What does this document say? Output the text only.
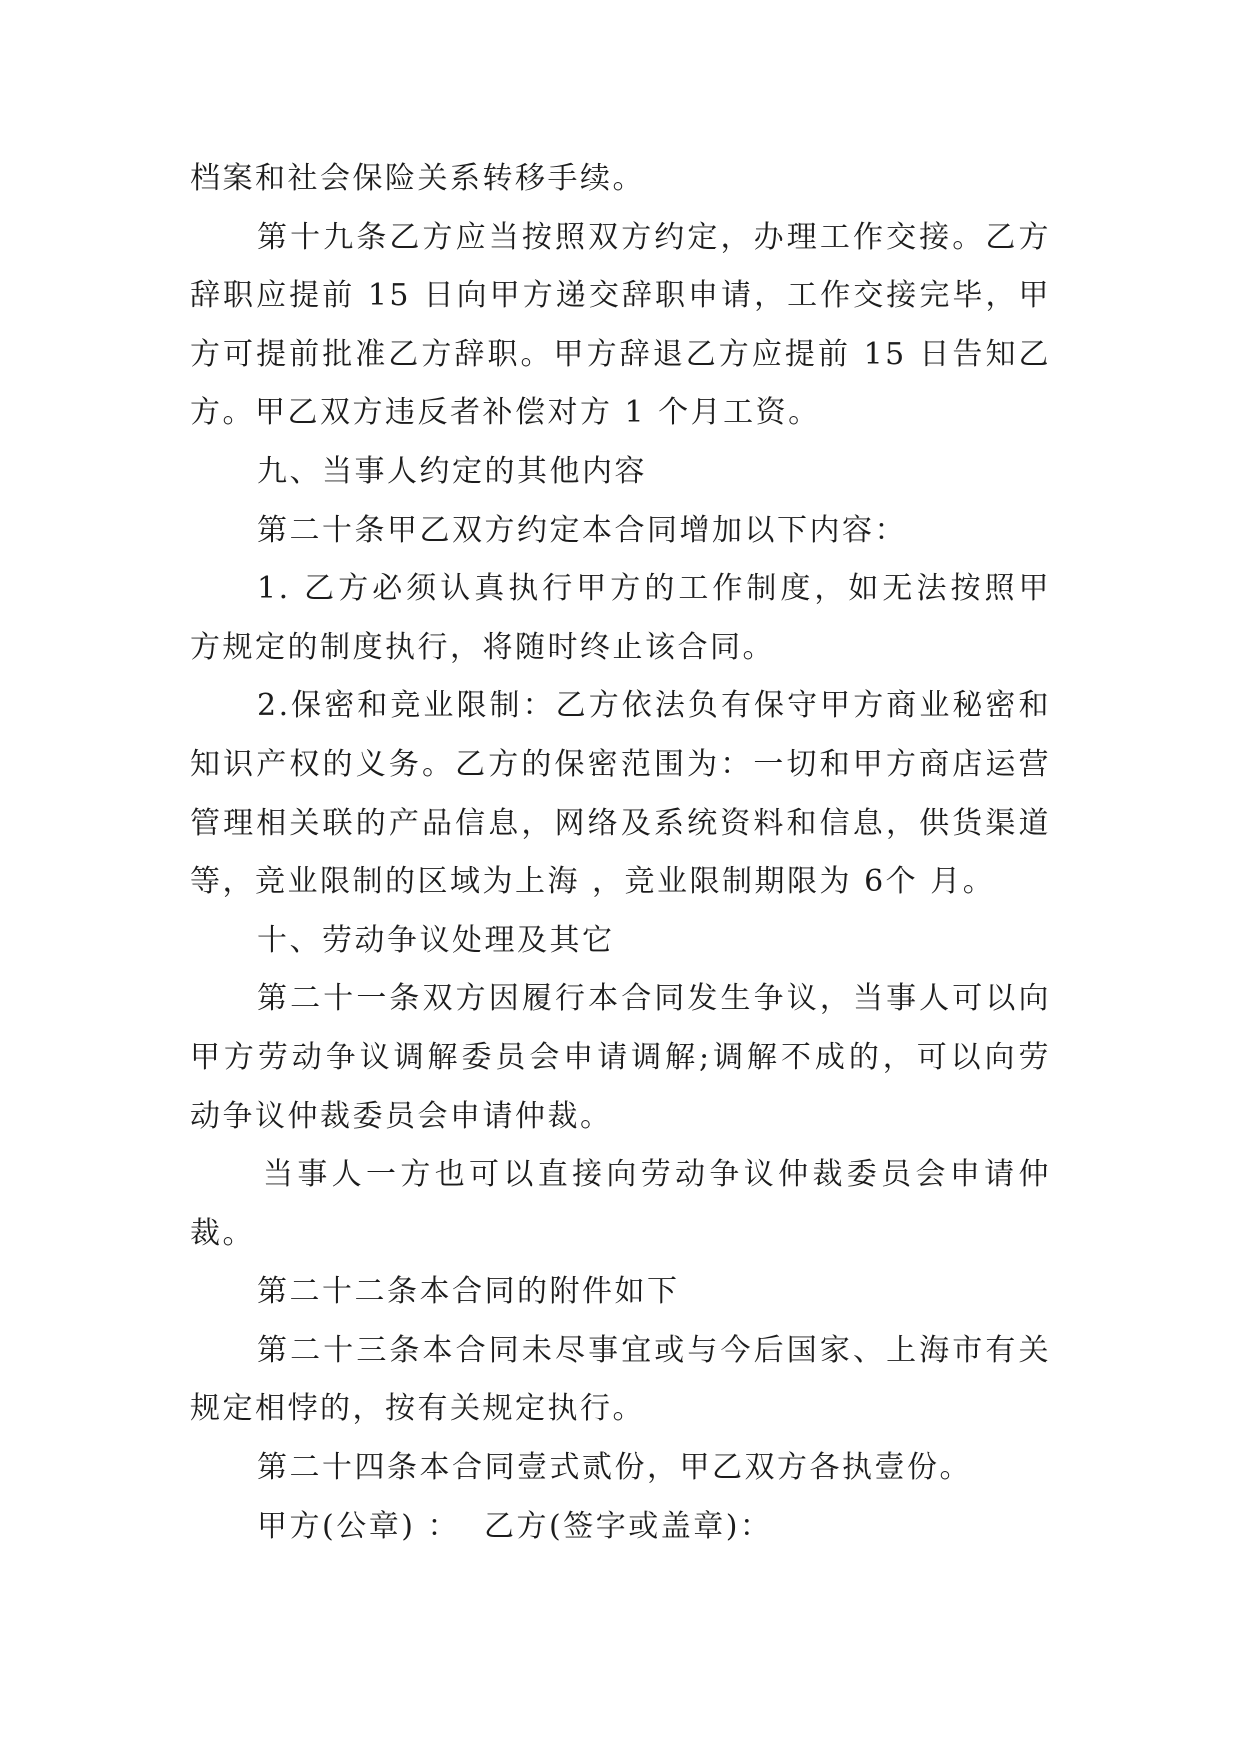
档案和社会保险关系转移手续。
第十九条乙方应当按照双方约定，办理工作交接。乙方
辞职应提前 15 日向甲方递交辞职申请，工作交接完毕，甲
方可提前批准乙方辞职。甲方辞退乙方应提前 15 日告知乙
方。甲乙双方违反者补偿对方 1 个月工资。
九、当事人约定的其他内容
第二十条甲乙双方约定本合同增加以下内容：
1. 乙方必须认真执行甲方的工作制度，如无法按照甲
方规定的制度执行，将随时终止该合同。
2.保密和竞业限制：乙方依法负有保守甲方商业秘密和
知识产权的义务。乙方的保密范围为：一切和甲方商店运营
管理相关联的产品信息，网络及系统资料和信息，供货渠道
等，竞业限制的区域为上海 ，竞业限制期限为 6个 月。
十、劳动争议处理及其它
第二十一条双方因履行本合同发生争议，当事人可以向
甲方劳动争议调解委员会申请调解;调解不成的，可以向劳
动争议仲裁委员会申请仲裁。
当事人一方也可以直接向劳动争议仲裁委员会申请仲
裁。
第二十二条本合同的附件如下
第二十三条本合同未尽事宜或与今后国家、上海市有关
规定相悖的，按有关规定执行。
第二十四条本合同壹式贰份，甲乙双方各执壹份。
甲方(公章) ：  乙方(签字或盖章)：
